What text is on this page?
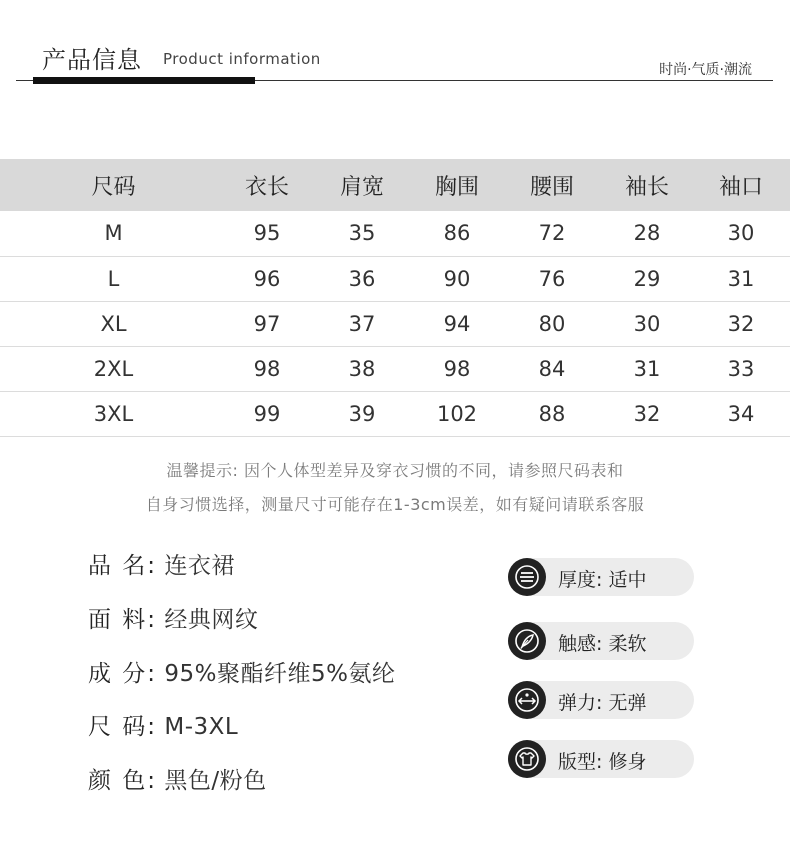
产品信息 Product information
时尚·气质·潮流
尺码	衣长	肩宽	胸围	腰围	袖长	袖口
M	95	35	86	72	28	30
L	96	36	90	76	29	31
XL	97	37	94	80	30	32
2XL	98	38	98	84	31	33
3XL	99	39	102	88	32	34
温馨提示: 因个人体型差异及穿衣习惯的不同，请参照尺码表和
自身习惯选择，测量尺寸可能存在1-3cm误差，如有疑问请联系客服
品 名: 连衣裙
面 料: 经典网纹
成 分: 95%聚酯纤维5%氨纶
尺 码: M-3XL
颜 色: 黑色/粉色
厚度: 适中
触感: 柔软
弹力: 无弹
版型: 修身
